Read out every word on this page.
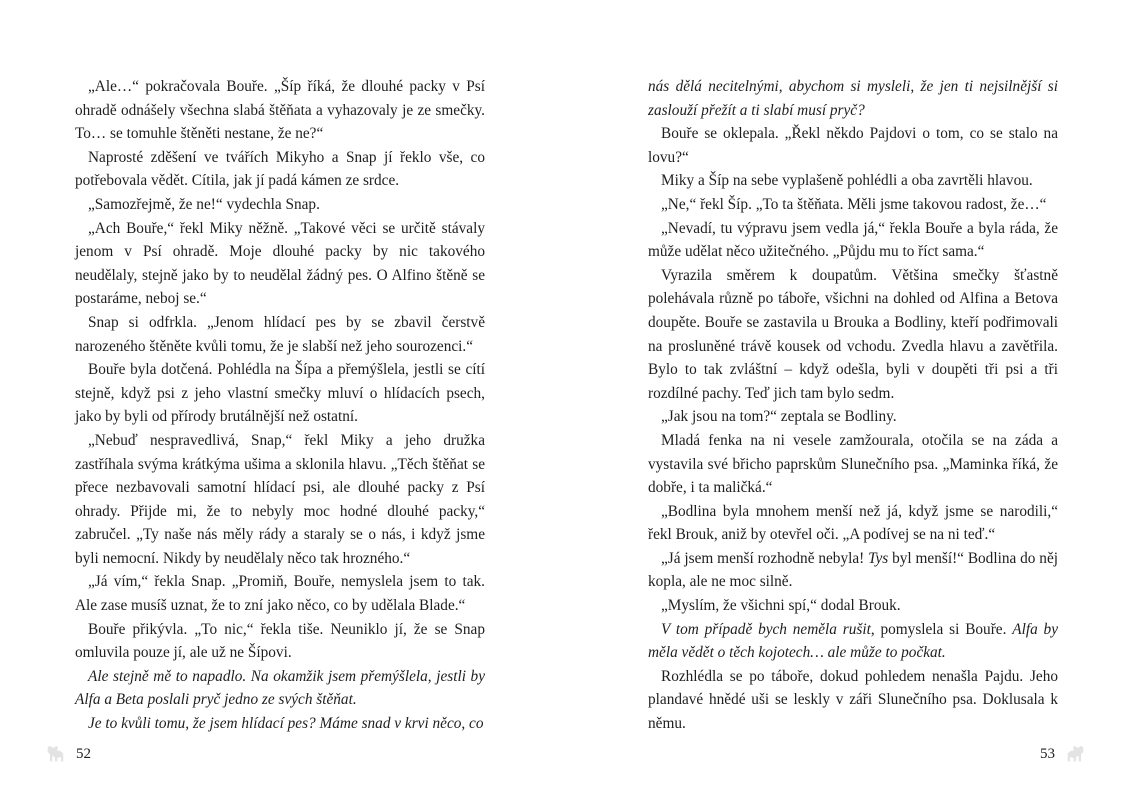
„Ale…“ pokračovala Bouře. „Šíp říká, že dlouhé packy v Psí ohradě odnášely všechna slabá štěňata a vyhazovaly je ze smečky. To… se tomuhle štěněti nestane, že ne?“

Naprosté zděšení ve tvářích Mikyho a Snap jí řeklo vše, co potřebovala vědět. Cítila, jak jí padá kámen ze srdce.

„Samozřejmě, že ne!“ vydechla Snap.

„Ach Bouře,“ řekl Miky něžně. „Takové věci se určitě stávaly jenom v Psí ohradě. Moje dlouhé packy by nic takového neudělaly, stejně jako by to neudělal žádný pes. O Alfino štěně se postaráme, neboj se.“

Snap si odfrkla. „Jenom hlídací pes by se zbavil čerstvě narozeného štěněte kvůli tomu, že je slabší než jeho sourozenci.“

Bouře byla dotčená. Pohlédla na Šípa a přemýšlela, jestli se cítí stejně, když psi z jeho vlastní smečky mluví o hlídacích psech, jako by byli od přírody brutálnější než ostatní.

„Nebuď nespravedlivá, Snap,“ řekl Miky a jeho družka zastříhala svýma krátkýma ušima a sklonila hlavu. „Těch štěňat se přece nezbavovali samotní hlídací psi, ale dlouhé packy z Psí ohrady. Přijde mi, že to nebyly moc hodné dlouhé packy,“ zabručel. „Ty naše nás měly rády a staraly se o nás, i když jsme byli nemocní. Nikdy by neudělaly něco tak hrozného.“

„Já vím,“ řekla Snap. „Promiň, Bouře, nemyslela jsem to tak. Ale zase musíš uznat, že to zní jako něco, co by udělala Blade.“

Bouře přikývla. „To nic,“ řekla tiše. Neuniklo jí, že se Snap omluvila pouze jí, ale už ne Šípovi.

Ale stejně mě to napadlo. Na okamžik jsem přemýšlela, jestli by Alfa a Beta poslali pryč jedno ze svých štěňat.

Je to kvůli tomu, že jsem hlídací pes? Máme snad v krvi něco, co

52

nás dělá necitelnými, abychom si mysleli, že jen ti nejsilnější si zaslouží přežít a ti slabí musí pryč?

Bouře se oklepala. „Řekl někdo Pajdovi o tom, co se stalo na lovu?“

Miky a Šíp na sebe vyplašeně pohlédli a oba zavrtěli hlavou.

„Ne,“ řekl Šíp. „To ta štěňata. Měli jsme takovou radost, že…“

„Nevadí, tu výpravu jsem vedla já,“ řekla Bouře a byla ráda, že může udělat něco užitečného. „Půjdu mu to říct sama.“

Vyrazila směrem k doupatům. Většina smečky šťastně polehávala různě po táboře, všichni na dohled od Alfina a Betova doupěte. Bouře se zastavila u Brouka a Bodliny, kteří podřimovali na prosluněné trávě kousek od vchodu. Zvedla hlavu a zavětřila. Bylo to tak zvláštní – když odešla, byli v doupěti tři psi a tři rozdílné pachy. Teď jich tam bylo sedm.

„Jak jsou na tom?“ zeptala se Bodliny.

Mladá fenka na ni vesele zamžourala, otočila se na záda a vystavila své břicho paprskům Slunečního psa. „Maminka říká, že dobře, i ta maličká.“

„Bodlina byla mnohem menší než já, když jsme se narodili,“ řekl Brouk, aniž by otevřel oči. „A podívej se na ni teď.“

„Já jsem menší rozhodně nebyla! Tys byl menší!“ Bodlina do něj kopla, ale ne moc silně.

„Myslím, že všichni spí,“ dodal Brouk.

V tom případě bych neměla rušit, pomyslela si Bouře. Alfa by měla vědět o těch kojotech… ale může to počkat.

Rozhlédla se po táboře, dokud pohledem nenašla Pajdu. Jeho plandavé hnědé uši se leskly v záři Slunečního psa. Doklusala k němu.

53
